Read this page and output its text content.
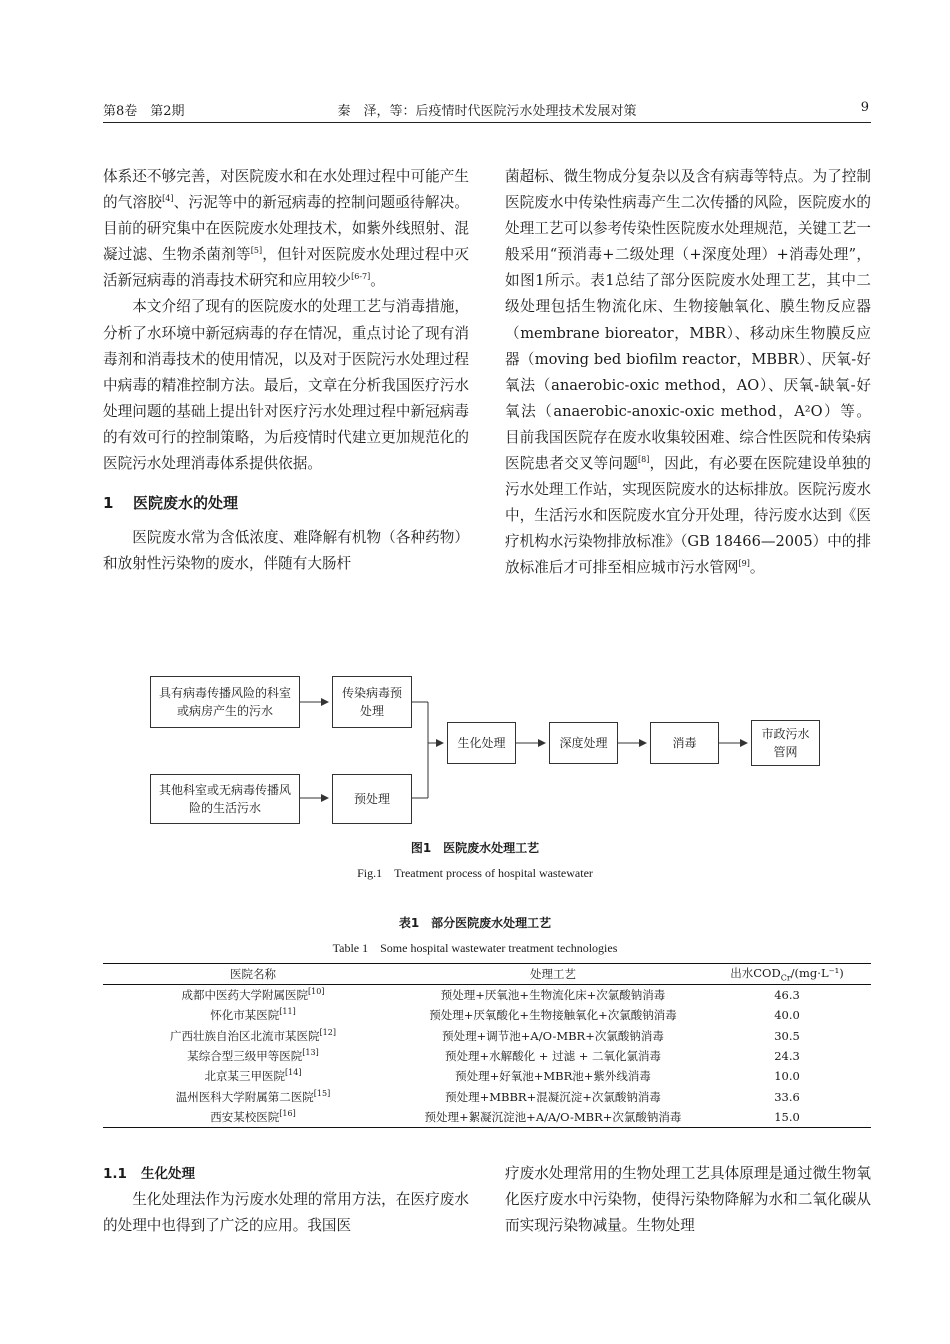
第8卷　第2期	秦　泽，等：后疫情时代医院污水处理技术发展对策	9

体系还不够完善，对医院废水和在水处理过程中可能产生的气溶胶[4]、污泥等中的新冠病毒的控制问题亟待解决。目前的研究集中在医院废水处理技术，如紫外线照射、混凝过滤、生物杀菌剂等[5]，但针对医院废水处理过程中灭活新冠病毒的消毒技术研究和应用较少[6-7]。

本文介绍了现有的医院废水的处理工艺与消毒措施，分析了水环境中新冠病毒的存在情况，重点讨论了现有消毒剂和消毒技术的使用情况，以及对于医院污水处理过程中病毒的精准控制方法。最后，文章在分析我国医疗污水处理问题的基础上提出针对医疗污水处理过程中新冠病毒的有效可行的控制策略，为后疫情时代建立更加规范化的医院污水处理消毒体系提供依据。

1 医院废水的处理

医院废水常为含低浓度、难降解有机物（各种药物）和放射性污染物的废水，伴随有大肠杆

菌超标、微生物成分复杂以及含有病毒等特点。为了控制医院废水中传染性病毒产生二次传播的风险，医院废水的处理工艺可以参考传染性医院废水处理规范，关键工艺一般采用“预消毒+二级处理（+深度处理）+消毒处理”，如图1所示。表1总结了部分医院废水处理工艺，其中二级处理包括生物流化床、生物接触氧化、膜生物反应器（membrane bioreator，MBR）、移动床生物膜反应器（moving bed biofilm reactor，MBBR）、厌氧-好氧法（anaerobic-oxic method，AO）、厌氧-缺氧-好氧法（anaerobic-anoxic-oxic method，A²O）等。目前我国医院存在废水收集较困难、综合性医院和传染病医院患者交叉等问题[8]，因此，有必要在医院建设单独的污水处理工作站，实现医院废水的达标排放。医院污废水中，生活污水和医院废水宜分开处理，待污废水达到《医疗机构水污染物排放标准》（GB 18466—2005）中的排放标准后才可排至相应城市污水管网[9]。

具有病毒传播风险的科室或病房产生的污水
传染病毒预处理
其他科室或无病毒传播风险的生活污水
预处理
生化处理	深度处理	消毒
市政污水管网
图1　医院废水处理工艺
Fig.1　Treatment process of hospital wastewater
表1　部分医院废水处理工艺
Table 1　Some hospital wastewater treatment technologies
医院名称	处理工艺	出水$COD_{Cr}/(mg\cdot L^{-1})$
成都中医药大学附属医院[10]	预处理+厌氧池+生物流化床+次氯酸钠消毒	46.3
怀化市某医院[11]	预处理+厌氧酸化+生物接触氧化+次氯酸钠消毒	40.0
广西壮族自治区北流市某医院[12]	预处理+调节池+A/O-MBR+次氯酸钠消毒	30.5
某综合型三级甲等医院[13]	预处理+水解酸化 + 过滤 + 二氧化氯消毒	24.3
北京某三甲医院[14]	预处理+好氧池+MBR池+紫外线消毒	10.0
温州医科大学附属第二医院[15]	预处理+MBBR+混凝沉淀+次氯酸钠消毒	33.6
西安某校医院[16]	预处理+絮凝沉淀池+A/A/O-MBR+次氯酸钠消毒	15.0
1.1 生化处理

生化处理法作为污废水处理的常用方法，在医疗废水的处理中也得到了广泛的应用。我国医

疗废水处理常用的生物处理工艺具体原理是通过微生物氧化医疗废水中污染物，使得污染物降解为水和二氧化碳从而实现污染物减量。生物处理
